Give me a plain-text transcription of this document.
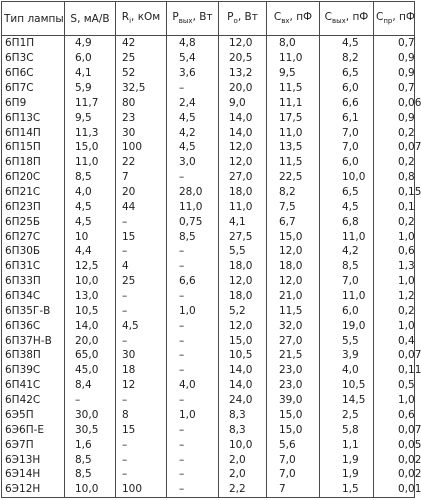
Тип лампы	S, мА/В	$R_i$, кОм	$P_{вых}$, Вт	$P_о$, Вт	$C_{вх}$, пФ	$C_{вых}$, пФ	$C_{пр}$, пФ
6П1П	4,9	42	4,8	12,0	8,0	4,5	0,7
6П3С	6,0	25	5,4	20,5	11,0	8,2	0,9
6П6С	4,1	52	3,6	13,2	9,5	6,5	0,9
6П7С	5,9	32,5	–	20,0	11,5	6,0	0,7
6П9	11,7	80	2,4	9,0	11,1	6,6	0,06
6П13С	9,5	23	4,5	14,0	17,5	6,1	0,9
6П14П	11,3	30	4,2	14,0	11,0	7,0	0,2
6П15П	15,0	100	4,5	12,0	13,5	7,0	0,07
6П18П	11,0	22	3,0	12,0	11,5	6,0	0,2
6П20С	8,5	7	–	27,0	22,5	10,0	0,8
6П21С	4,0	20	28,0	18,0	8,2	6,5	0,15
6П23П	4,5	44	11,0	11,0	7,5	4,5	0,1
6П25Б	4,5	–	0,75	4,1	6,7	6,8	0,2
6П27С	10	15	8,5	27,5	15,0	11,0	1,0
6П30Б	4,4	–	–	5,5	12,0	4,2	0,6
6П31С	12,5	4	–	18,0	18,0	8,5	1,3
6П33П	10,0	25	6,6	12,0	12,0	7,0	1,0
6П34С	13,0	–	–	18,0	21,0	11,0	1,2
6П35Г-В	10,5	–	1,0	5,2	11,5	6,0	0,2
6П36С	14,0	4,5	–	12,0	32,0	19,0	1,0
6П37Н-В	20,0	–	–	15,0	27,0	5,5	0,4
6П38П	65,0	30	–	10,5	21,5	3,9	0,07
6П39С	45,0	18	–	14,0	23,0	4,0	0,11
6П41С	8,4	12	4,0	14,0	23,0	10,5	0,5
6П42С	–	–	–	24,0	39,0	14,5	1,0
6Э5П	30,0	8	1,0	8,3	15,0	2,5	0,6
6Э6П-Е	30,5	15	–	8,3	15,0	5,8	0,07
6Э7П	1,6	–	–	10,0	5,6	1,1	0,05
6Э13Н	8,5	–	–	2,0	7,0	1,9	0,02
6Э14Н	8,5	–	–	2,0	7,0	1,9	0,02
6Э12Н	10,0	100	–	2,2	7	1,5	0,01
